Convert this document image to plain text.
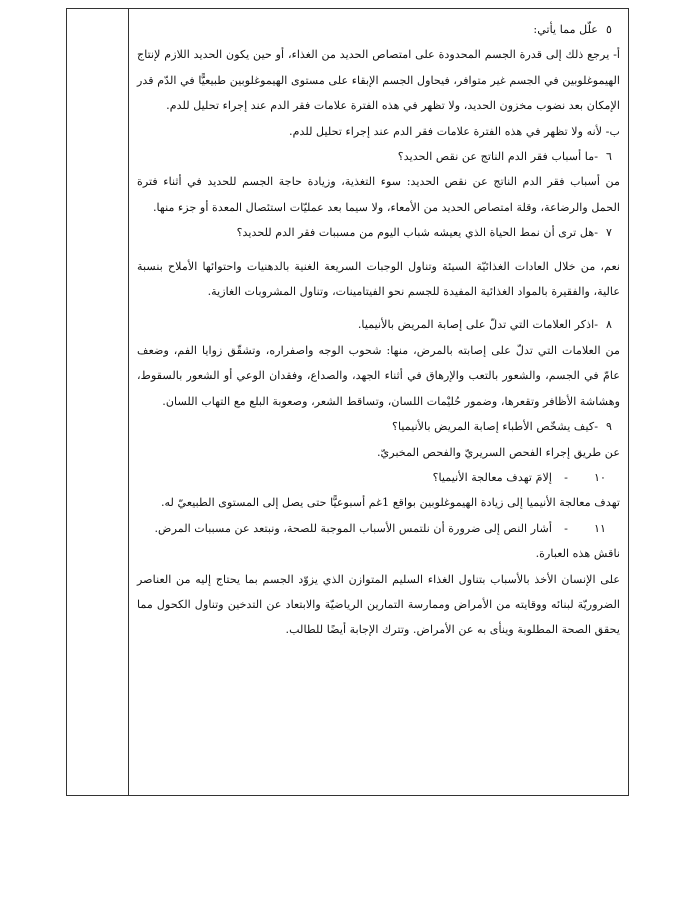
٥
علّل مما يأتي:

أ- يرجع ذلك إلى قدرة الجسم المحدودة على امتصاص الحديد من الغذاء، أو حين يكون الحديد اللازم لإنتاج الهيموغلوبين في الجسم غير متوافر، فيحاول الجسم الإبقاء على مستوى الهيموغلوبين طبيعيًّا في الدّم قدر الإمكان بعد نضوب مخزون الحديد، ولا تظهر في هذه الفترة علامات فقر الدم عند إجراء تحليل للدم.

ب- لأنه ولا تظهر في هذه الفترة علامات فقر الدم عند إجراء تحليل للدم.

٦
-ما أسباب فقر الدم الناتج عن نقص الحديد؟

من أسباب فقر الدم الناتج عن نقص الحديد: سوء التغذية، وزيادة حاجة الجسم للحديد في أثناء فترة الحمل والرضاعة، وقلة امتصاص الحديد من الأمعاء، ولا سيما بعد عمليّات استئصال المعدة أو جزء منها.

٧
-هل ترى أن نمط الحياة الذي يعيشه شباب اليوم من مسببات فقر الدم للحديد؟

نعم، من خلال العادات الغذائيّة السيئة وتناول الوجبات السريعة الغنية بالدهنيات واحتوائها الأملاح بنسبة عالية، والفقيرة بالمواد الغذائية المفيدة للجسم نحو الفيتامينات، وتناول المشروبات الغازية.

٨
-اذكر العلامات التي تدلّ على إصابة المريض بالأنيميا.

من العلامات التي تدلّ على إصابته بالمرض، منها: شحوب الوجه واصفراره، وتشقّق زوايا الفم، وضعف عامّ في الجسم، والشعور بالتعب والإرهاق في أثناء الجهد، والصداع، وفقدان الوعي أو الشعور بالسقوط، وهشاشة الأظافر وتقعرها، وضمور حُليْمات اللسان، وتساقط الشعر، وصعوبة البلع مع التهاب اللسان.

٩
-كيف يشخّص الأطباء إصابة المريض بالأنيميا؟

عن طريق إجراء الفحص السريريّ والفحص المخبريّ.

١٠
-
إلامَ تهدف معالجة الأنيميا؟

تهدف معالجة الأنيميا إلى زيادة الهيموغلوبين بواقع 1غم أسبوعيًّا حتى يصل إلى المستوى الطبيعيّ له.

١١
-
أشار النص إلى ضرورة أن نلتمس الأسباب الموجبة للصحة، ونبتعد عن مسببات المرض.

ناقش هذه العبارة.

على الإنسان الأخذ بالأسباب بتناول الغذاء السليم المتوازن الذي يزوّد الجسم بما يحتاج إليه من العناصر الضروريّة لبنائه ووقايته من الأمراض وممارسة التمارين الرياضيّة والابتعاد عن التدخين وتناول الكحول مما يحقق الصحة المطلوبة وينأى به عن الأمراض. وتترك الإجابة أيضًا للطالب.
